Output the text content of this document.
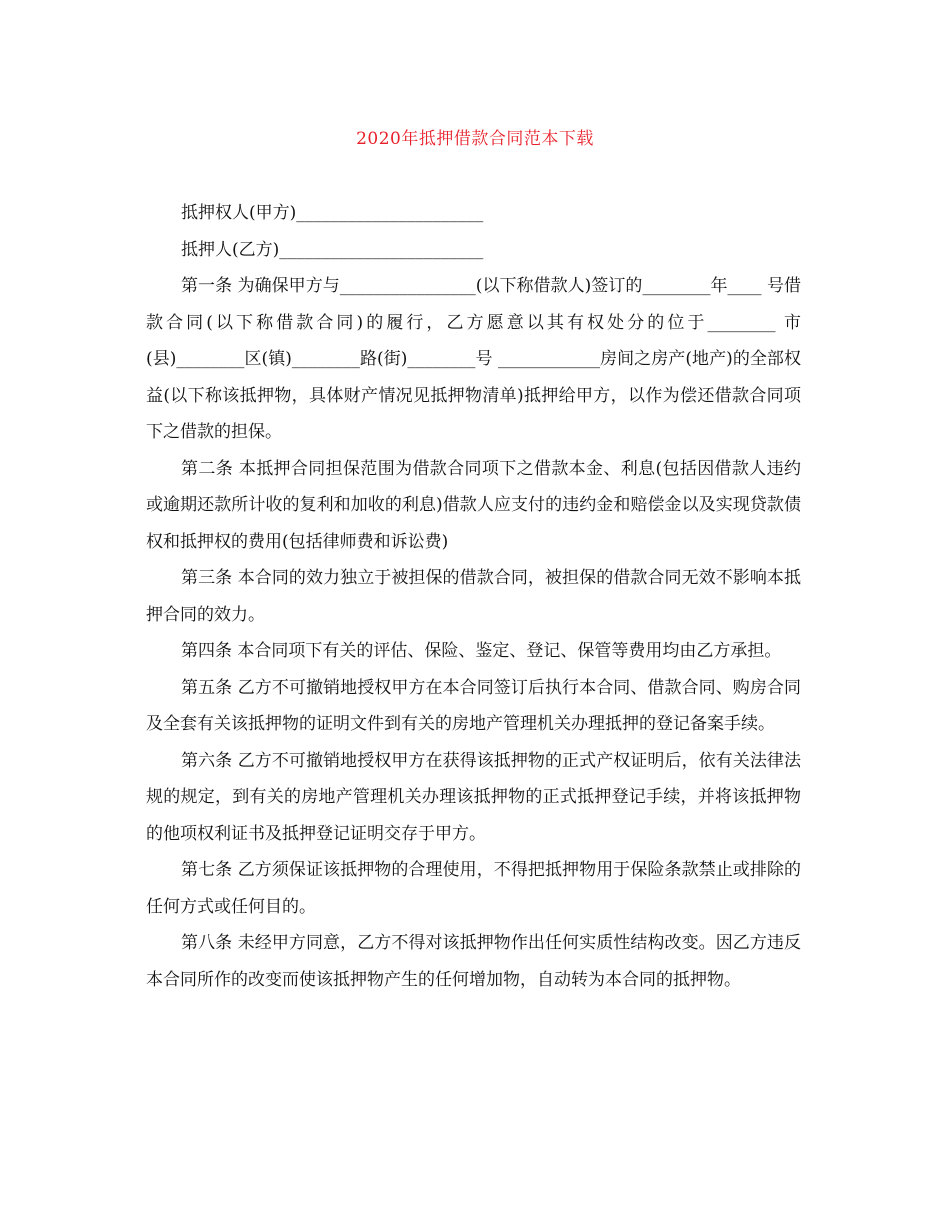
2020年抵押借款合同范本下载

抵押权人(甲方)______________________

抵押人(乙方)________________________

第一条 为确保甲方与________________(以下称借款人)签订的________年____ 号借款合同(以下称借款合同)的履行，乙方愿意以其有权处分的位于________ 市(县)________区(镇)________路(街)________号 ____________房间之房产(地产)的全部权益(以下称该抵押物，具体财产情况见抵押物清单)抵押给甲方，以作为偿还借款合同项下之借款的担保。

第二条 本抵押合同担保范围为借款合同项下之借款本金、利息(包括因借款人违约或逾期还款所计收的复利和加收的利息)借款人应支付的违约金和赔偿金以及实现贷款债权和抵押权的费用(包括律师费和诉讼费)

第三条 本合同的效力独立于被担保的借款合同，被担保的借款合同无效不影响本抵押合同的效力。

第四条 本合同项下有关的评估、保险、鉴定、登记、保管等费用均由乙方承担。

第五条 乙方不可撤销地授权甲方在本合同签订后执行本合同、借款合同、购房合同及全套有关该抵押物的证明文件到有关的房地产管理机关办理抵押的登记备案手续。

第六条 乙方不可撤销地授权甲方在获得该抵押物的正式产权证明后，依有关法律法规的规定，到有关的房地产管理机关办理该抵押物的正式抵押登记手续，并将该抵押物的他项权利证书及抵押登记证明交存于甲方。

第七条 乙方须保证该抵押物的合理使用，不得把抵押物用于保险条款禁止或排除的任何方式或任何目的。

第八条 未经甲方同意，乙方不得对该抵押物作出任何实质性结构改变。因乙方违反本合同所作的改变而使该抵押物产生的任何增加物，自动转为本合同的抵押物。
